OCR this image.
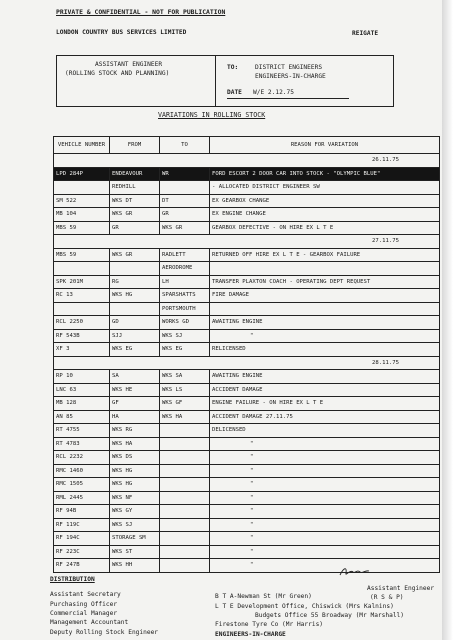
PRIVATE & CONFIDENTIAL - NOT FOR PUBLICATION
LONDON COUNTRY BUS SERVICES LIMITED	REIGATE
ASSISTANT ENGINEER
(ROLLING STOCK AND PLANNING)
TO:	DISTRICT ENGINEERS
ENGINEERS-IN-CHARGE
DATE W/E 2.12.75
VARIATIONS IN ROLLING STOCK
VEHICLE NUMBER	FROM	TO	REASON FOR VARIATION
26.11.75			
LPD 284P	ENDEAVOUR	WR	FORD ESCORT 2 DOOR CAR INTO STOCK - "OLYMPIC BLUE"
	REDHILL		- ALLOCATED DISTRICT ENGINEER SW
SM 522	WKS DT	DT	EX GEARBOX CHANGE
MB 104	WKS GR	GR	EX ENGINE CHANGE
MBS 59	GR	WKS GR	GEARBOX DEFECTIVE - ON HIRE EX L T E
27.11.75			
MBS 59	WKS GR	RADLETT	RETURNED OFF HIRE EX L T E - GEARBOX FAILURE
		AERODROME	
SPK 201M	RG	LH	TRANSFER PLAXTON COACH - OPERATING DEPT REQUEST
RC 13	WKS HG	SPARSHATTS	FIRE DAMAGE
		PORTSMOUTH	
RCL 2250	GD	WORKS GD	AWAITING ENGINE
RF 543B	SJJ	WKS SJ	"
XF 3	WKS EG	WKS EG	RELICENSED
28.11.75			
RP 10	SA	WKS SA	AWAITING ENGINE
LNC 63	WKS HE	WKS LS	ACCIDENT DAMAGE
MB 128	GF	WKS GF	ENGINE FAILURE - ON HIRE EX L T E
AN 85	HA	WKS HA	ACCIDENT DAMAGE 27.11.75
RT 4755	WKS RG		DELICENSED
RT 4783	WKS HA		"
RCL 2232	WKS DS		"
RMC 1460	WKS HG		"
RMC 1505	WKS HG		"
RML 2445	WKS NF		"
RF 94B	WKS GY		"
RF 119C	WKS SJ		"
RF 194C	STORAGE SM		"
RF 223C	WKS ST		"
RF 247B	WKS HH		"
DISTRIBUTION
Assistant Secretary
Purchasing Officer
Commercial Manager
Management Accountant
Deputy Rolling Stock Engineer
B T A-Newman St (Mr Green)
L T E Development Office, Chiswick (Mrs Kalnins)
Budgets Office 55 Broadway (Mr Marshall)
Firestone Tyre Co (Mr Harris)
ENGINEERS-IN-CHARGE
Assistant Engineer
(R S & P)
